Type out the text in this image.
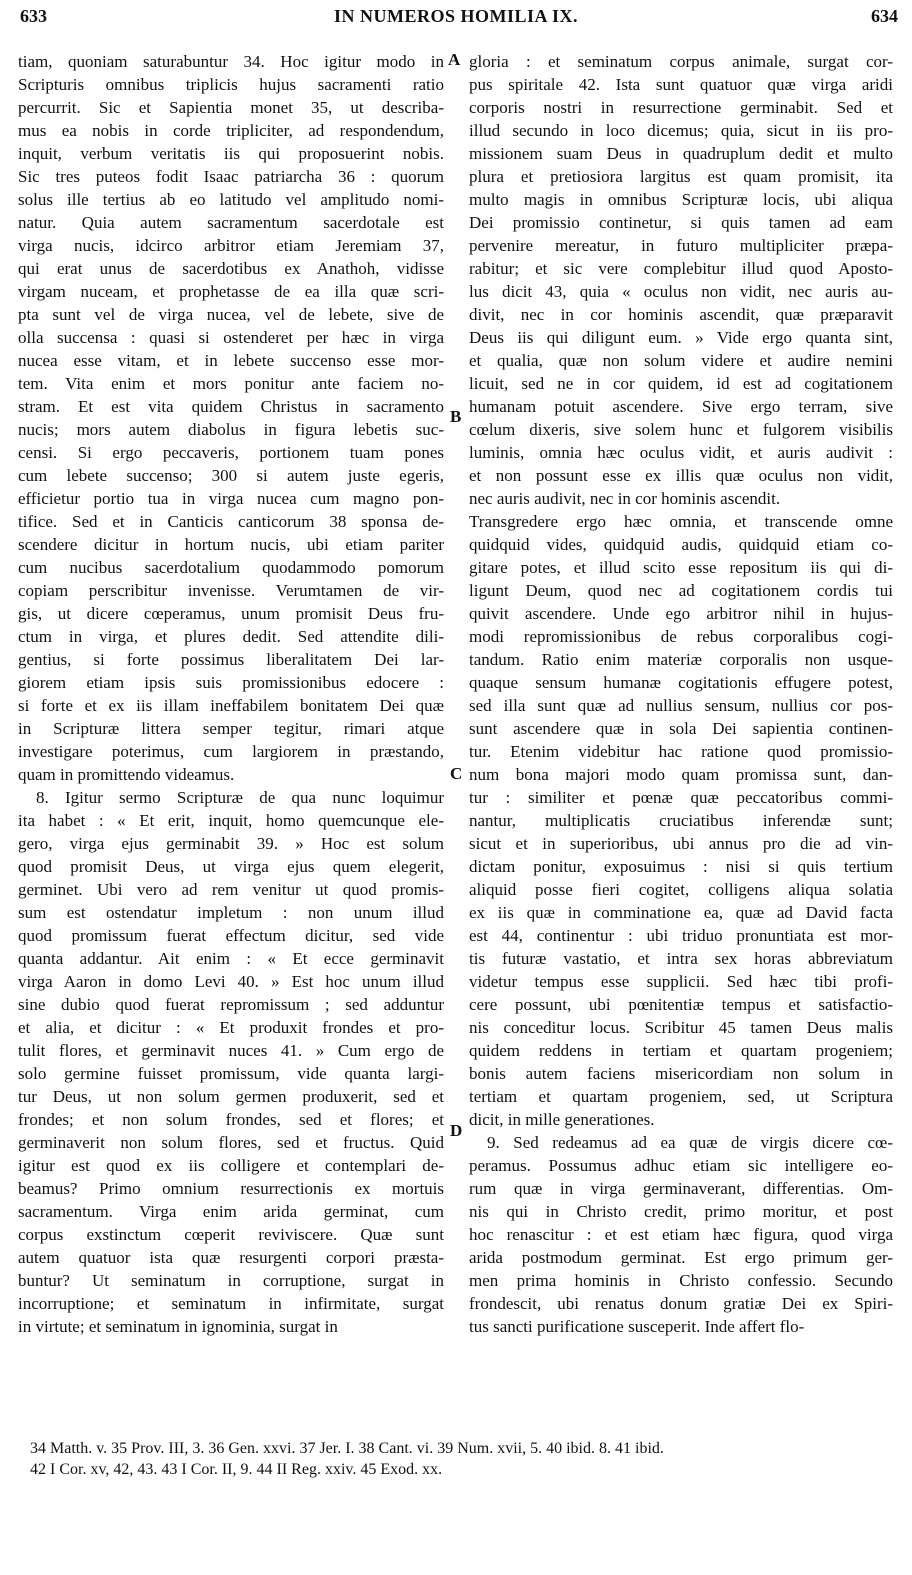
633	IN NUMEROS HOMILIA IX.	634
tiam, quoniam saturabuntur 34. Hoc igitur modo in
Scripturis omnibus triplicis hujus sacramenti ratio
percurrit. Sic et Sapientia monet 35, ut describa-
mus ea nobis in corde tripliciter, ad respondendum,
inquit, verbum veritatis iis qui proposuerint nobis.
Sic tres puteos fodit Isaac patriarcha 36 : quorum
solus ille tertius ab eo latitudo vel amplitudo nomi-
natur. Quia autem sacramentum sacerdotale est
virga nucis, idcirco arbitror etiam Jeremiam 37,
qui erat unus de sacerdotibus ex Anathoh, vidisse
virgam nuceam, et prophetasse de ea illa quæ scri-
pta sunt vel de virga nucea, vel de lebete, sive de
olla succensa : quasi si ostenderet per hæc in virga
nucea esse vitam, et in lebete succenso esse mor-
tem. Vita enim et mors ponitur ante faciem no-
stram. Et est vita quidem Christus in sacramento
nucis; mors autem diabolus in figura lebetis suc-
censi. Si ergo peccaveris, portionem tuam pones
cum lebete succenso; 300 si autem juste egeris,
efficietur portio tua in virga nucea cum magno pon-
tifice. Sed et in Canticis canticorum 38 sponsa de-
scendere dicitur in hortum nucis, ubi etiam pariter
cum nucibus sacerdotalium quodammodo pomorum
copiam perscribitur invenisse. Verumtamen de vir-
gis, ut dicere cœperamus, unum promisit Deus fru-
ctum in virga, et plures dedit. Sed attendite dili-
gentius, si forte possimus liberalitatem Dei lar-
giorem etiam ipsis suis promissionibus edocere :
si forte et ex iis illam ineffabilem bonitatem Dei quæ
in Scripturæ littera semper tegitur, rimari atque
investigare poterimus, cum largiorem in præstando,
quam in promittendo videamus.
8. Igitur sermo Scripturæ de qua nunc loquimur
ita habet : « Et erit, inquit, homo quemcunque ele-
gero, virga ejus germinabit 39. » Hoc est solum
quod promisit Deus, ut virga ejus quem elegerit,
germinet. Ubi vero ad rem venitur ut quod promis-
sum est ostendatur impletum : non unum illud
quod promissum fuerat effectum dicitur, sed vide
quanta addantur. Ait enim : « Et ecce germinavit
virga Aaron in domo Levi 40. » Est hoc unum illud
sine dubio quod fuerat repromissum ; sed adduntur
et alia, et dicitur : « Et produxit frondes et pro-
tulit flores, et germinavit nuces 41. » Cum ergo de
solo germine fuisset promissum, vide quanta largi-
tur Deus, ut non solum germen produxerit, sed et
frondes; et non solum frondes, sed et flores; et
germinaverit non solum flores, sed et fructus. Quid
igitur est quod ex iis colligere et contemplari de-
beamus? Primo omnium resurrectionis ex mortuis
sacramentum. Virga enim arida germinat, cum
corpus exstinctum cœperit reviviscere. Quæ sunt
autem quatuor ista quæ resurgenti corpori præsta-
buntur? Ut seminatum in corruptione, surgat in
incorruptione; et seminatum in infirmitate, surgat
in virtute; et seminatum in ignominia, surgat in
gloria : et seminatum corpus animale, surgat cor-
pus spiritale 42. Ista sunt quatuor quæ virga aridi
corporis nostri in resurrectione germinabit. Sed et
illud secundo in loco dicemus; quia, sicut in iis pro-
missionem suam Deus in quadruplum dedit et multo
plura et pretiosiora largitus est quam promisit, ita
multo magis in omnibus Scripturæ locis, ubi aliqua
Dei promissio continetur, si quis tamen ad eam
pervenire mereatur, in futuro multipliciter præpa-
rabitur; et sic vere complebitur illud quod Aposto-
lus dicit 43, quia « oculus non vidit, nec auris au-
divit, nec in cor hominis ascendit, quæ præparavit
Deus iis qui diligunt eum. » Vide ergo quanta sint,
et qualia, quæ non solum videre et audire nemini
licuit, sed ne in cor quidem, id est ad cogitationem
humanam potuit ascendere. Sive ergo terram, sive
cœlum dixeris, sive solem hunc et fulgorem visibilis
luminis, omnia hæc oculus vidit, et auris audivit :
et non possunt esse ex illis quæ oculus non vidit,
nec auris audivit, nec in cor hominis ascendit.
Transgredere ergo hæc omnia, et transcende omne
quidquid vides, quidquid audis, quidquid etiam co-
gitare potes, et illud scito esse repositum iis qui di-
ligunt Deum, quod nec ad cogitationem cordis tui
quivit ascendere. Unde ego arbitror nihil in hujus-
modi repromissionibus de rebus corporalibus cogi-
tandum. Ratio enim materiæ corporalis non usque-
quaque sensum humanæ cogitationis effugere potest,
sed illa sunt quæ ad nullius sensum, nullius cor pos-
sunt ascendere quæ in sola Dei sapientia continen-
tur. Etenim videbitur hac ratione quod promissio-
num bona majori modo quam promissa sunt, dan-
tur : similiter et pœnæ quæ peccatoribus commi-
nantur, multiplicatis cruciatibus inferendæ sunt;
sicut et in superioribus, ubi annus pro die ad vin-
dictam ponitur, exposuimus : nisi si quis tertium
aliquid posse fieri cogitet, colligens aliqua solatia
ex iis quæ in comminatione ea, quæ ad David facta
est 44, continentur : ubi triduo pronuntiata est mor-
tis futuræ vastatio, et intra sex horas abbreviatum
videtur tempus esse supplicii. Sed hæc tibi profi-
cere possunt, ubi pœnitentiæ tempus et satisfactio-
nis conceditur locus. Scribitur 45 tamen Deus malis
quidem reddens in tertiam et quartam progeniem;
bonis autem faciens misericordiam non solum in
tertiam et quartam progeniem, sed, ut Scriptura
dicit, in mille generationes.
9. Sed redeamus ad ea quæ de virgis dicere cœ-
peramus. Possumus adhuc etiam sic intelligere eo-
rum quæ in virga germinaverant, differentias. Om-
nis qui in Christo credit, primo moritur, et post
hoc renascitur : et est etiam hæc figura, quod virga
arida postmodum germinat. Est ergo primum ger-
men prima hominis in Christo confessio. Secundo
frondescit, ubi renatus donum gratiæ Dei ex Spiri-
tus sancti purificatione susceperit. Inde affert flo-
A
B
C
D
34 Matth. v. 35 Prov. III, 3. 36 Gen. xxvi. 37 Jer. I. 38 Cant. vi. 39 Num. xvii, 5. 40 ibid. 8. 41 ibid.
42 I Cor. xv, 42, 43. 43 I Cor. II, 9. 44 II Reg. xxiv. 45 Exod. xx.
